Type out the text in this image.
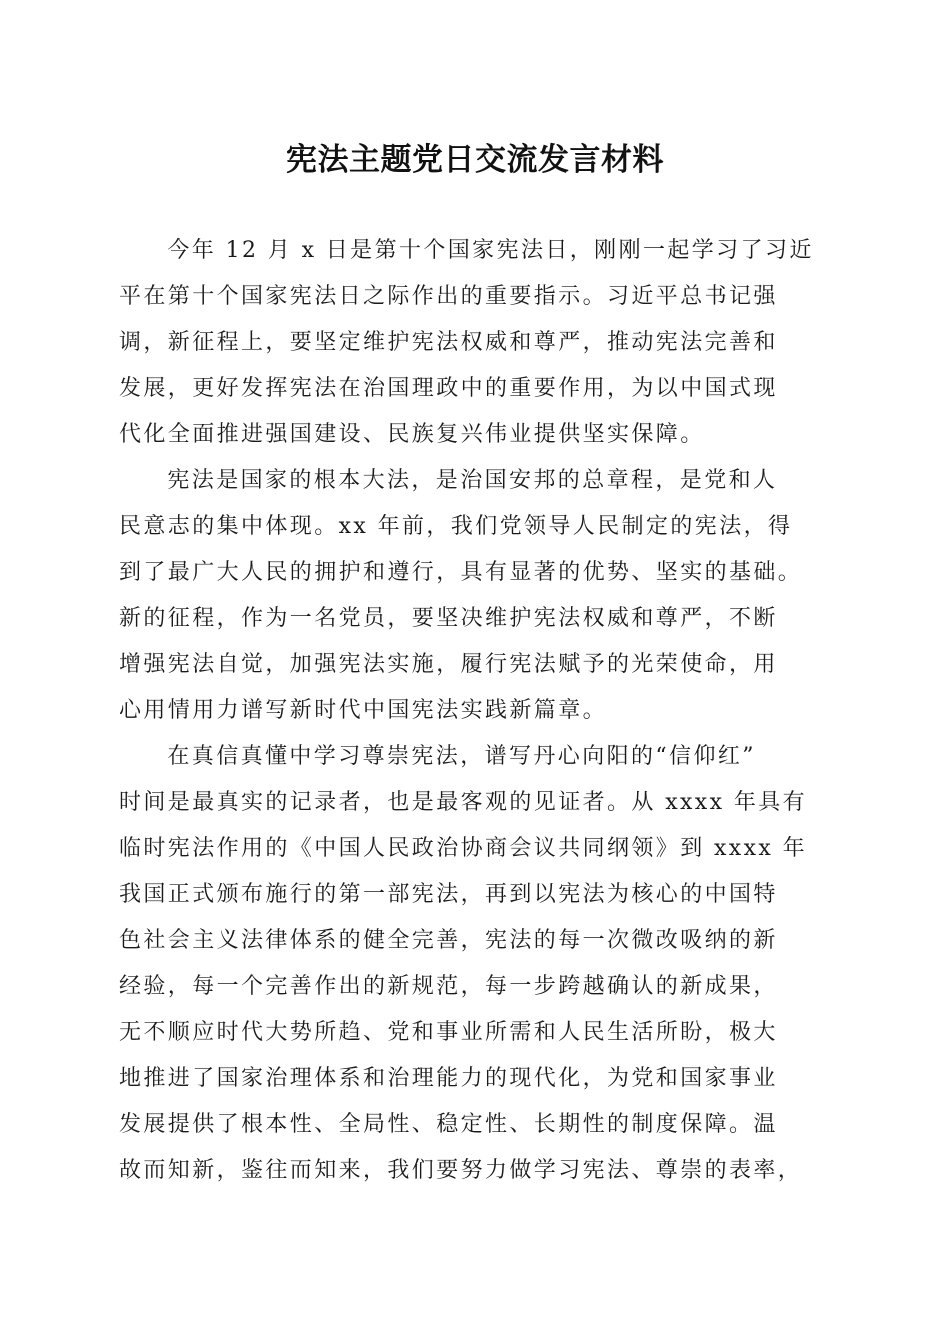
宪法主题党日交流发言材料
今年 12 月 x 日是第十个国家宪法日，刚刚一起学习了习近
平在第十个国家宪法日之际作出的重要指示。习近平总书记强
调，新征程上，要坚定维护宪法权威和尊严，推动宪法完善和
发展，更好发挥宪法在治国理政中的重要作用，为以中国式现
代化全面推进强国建设、民族复兴伟业提供坚实保障。
宪法是国家的根本大法，是治国安邦的总章程，是党和人
民意志的集中体现。xx 年前，我们党领导人民制定的宪法，得
到了最广大人民的拥护和遵行，具有显著的优势、坚实的基础。
新的征程，作为一名党员，要坚决维护宪法权威和尊严，不断
增强宪法自觉，加强宪法实施，履行宪法赋予的光荣使命，用
心用情用力谱写新时代中国宪法实践新篇章。
在真信真懂中学习尊崇宪法，谱写丹心向阳的“信仰红”
时间是最真实的记录者，也是最客观的见证者。从 xxxx 年具有
临时宪法作用的《中国人民政治协商会议共同纲领》到 xxxx 年
我国正式颁布施行的第一部宪法，再到以宪法为核心的中国特
色社会主义法律体系的健全完善，宪法的每一次微改吸纳的新
经验，每一个完善作出的新规范，每一步跨越确认的新成果，
无不顺应时代大势所趋、党和事业所需和人民生活所盼，极大
地推进了国家治理体系和治理能力的现代化，为党和国家事业
发展提供了根本性、全局性、稳定性、长期性的制度保障。温
故而知新，鉴往而知来，我们要努力做学习宪法、尊崇的表率，
